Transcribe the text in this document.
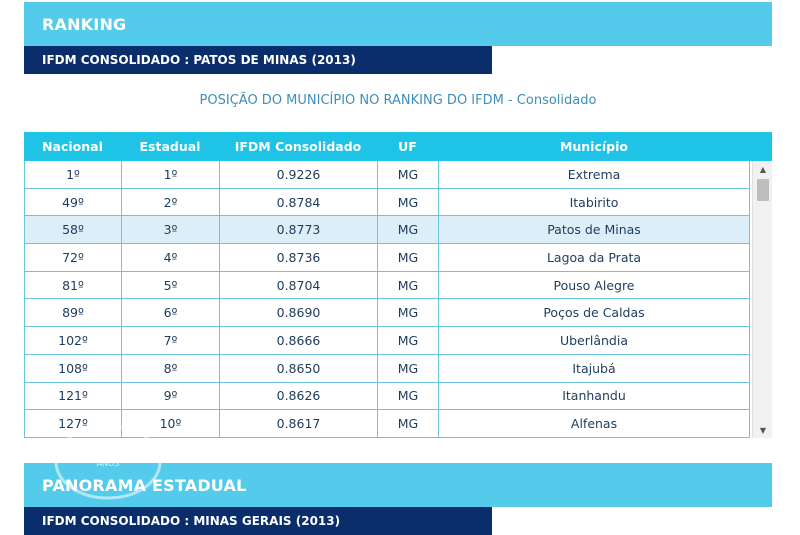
RANKING
IFDM CONSOLIDADO : PATOS DE MINAS (2013)
POSIÇÃO DO MUNICÍPIO NO RANKING DO IFDM - Consolidado
Nacional	Estadual	IFDM Consolidado	UF	Município
1º	1º	0.9226	MG	Extrema
49º	2º	0.8784	MG	Itabirito
58º	3º	0.8773	MG	Patos de Minas
72º	4º	0.8736	MG	Lagoa da Prata
81º	5º	0.8704	MG	Pouso Alegre
89º	6º	0.8690	MG	Poços de Caldas
102º	7º	0.8666	MG	Uberlândia
108º	8º	0.8650	MG	Itajubá
121º	9º	0.8626	MG	Itanhandu
127º	10º	0.8617	MG	Alfenas
▲
▼
PANORAMA ESTADUAL
IFDM CONSOLIDADO : MINAS GERAIS (2013)
ANOS
